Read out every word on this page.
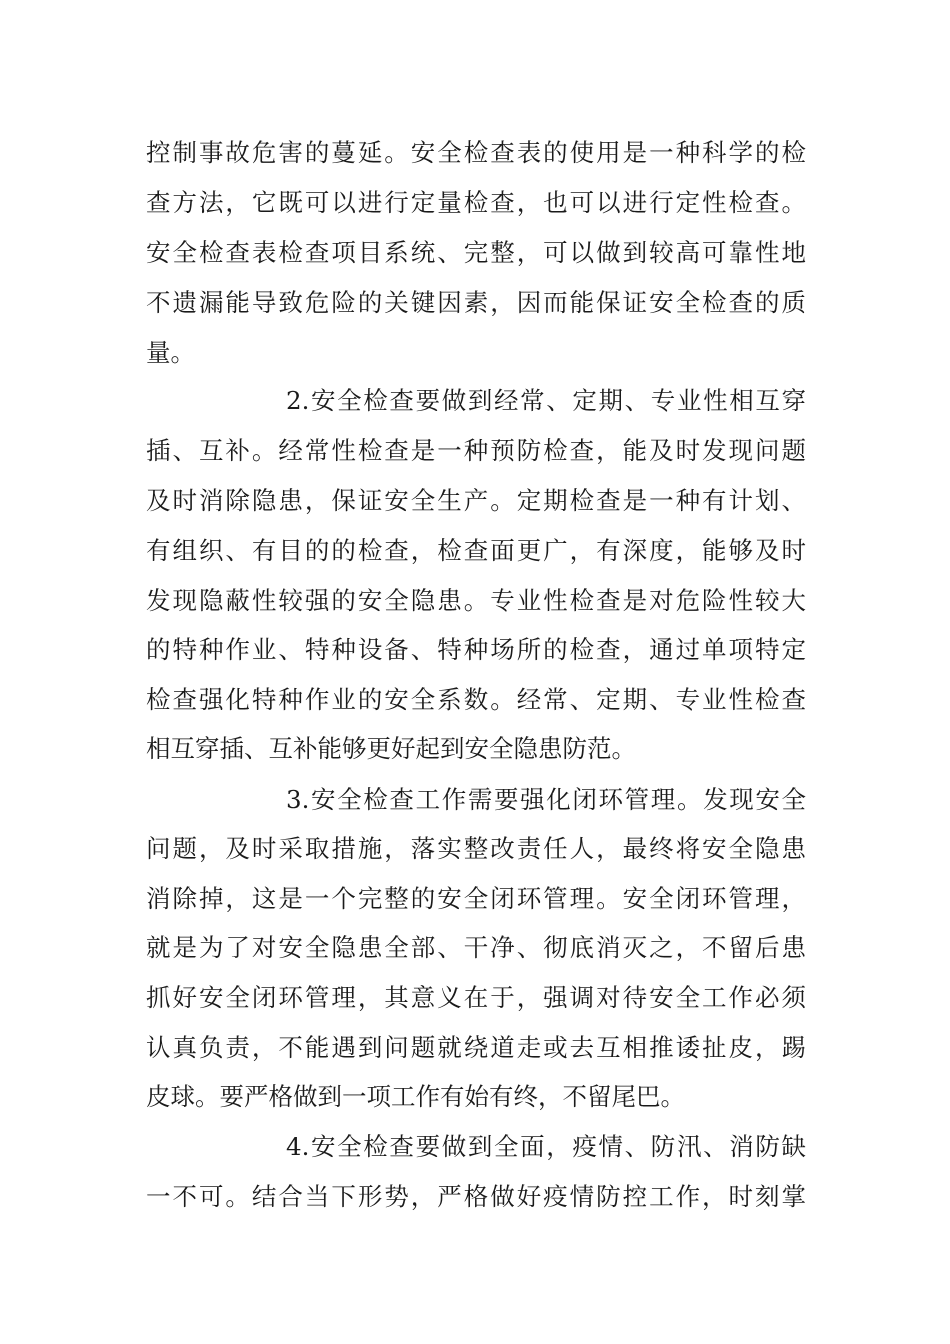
控制事故危害的蔓延。安全检查表的使用是一种科学的检
查方法，它既可以进行定量检查，也可以进行定性检查。
安全检查表检查项目系统、完整，可以做到较高可靠性地
不遗漏能导致危险的关键因素，因而能保证安全检查的质
量。
2.安全检查要做到经常、定期、专业性相互穿
插、互补。经常性检查是一种预防检查，能及时发现问题
及时消除隐患，保证安全生产。定期检查是一种有计划、
有组织、有目的的检查，检查面更广，有深度，能够及时
发现隐蔽性较强的安全隐患。专业性检查是对危险性较大
的特种作业、特种设备、特种场所的检查，通过单项特定
检查强化特种作业的安全系数。经常、定期、专业性检查
相互穿插、互补能够更好起到安全隐患防范。
3.安全检查工作需要强化闭环管理。发现安全
问题，及时采取措施，落实整改责任人，最终将安全隐患
消除掉，这是一个完整的安全闭环管理。安全闭环管理，
就是为了对安全隐患全部、干净、彻底消灭之，不留后患
抓好安全闭环管理，其意义在于，强调对待安全工作必须
认真负责，不能遇到问题就绕道走或去互相推诿扯皮，踢
皮球。要严格做到一项工作有始有终，不留尾巴。
4.安全检查要做到全面，疫情、防汛、消防缺
一不可。结合当下形势，严格做好疫情防控工作，时刻掌
